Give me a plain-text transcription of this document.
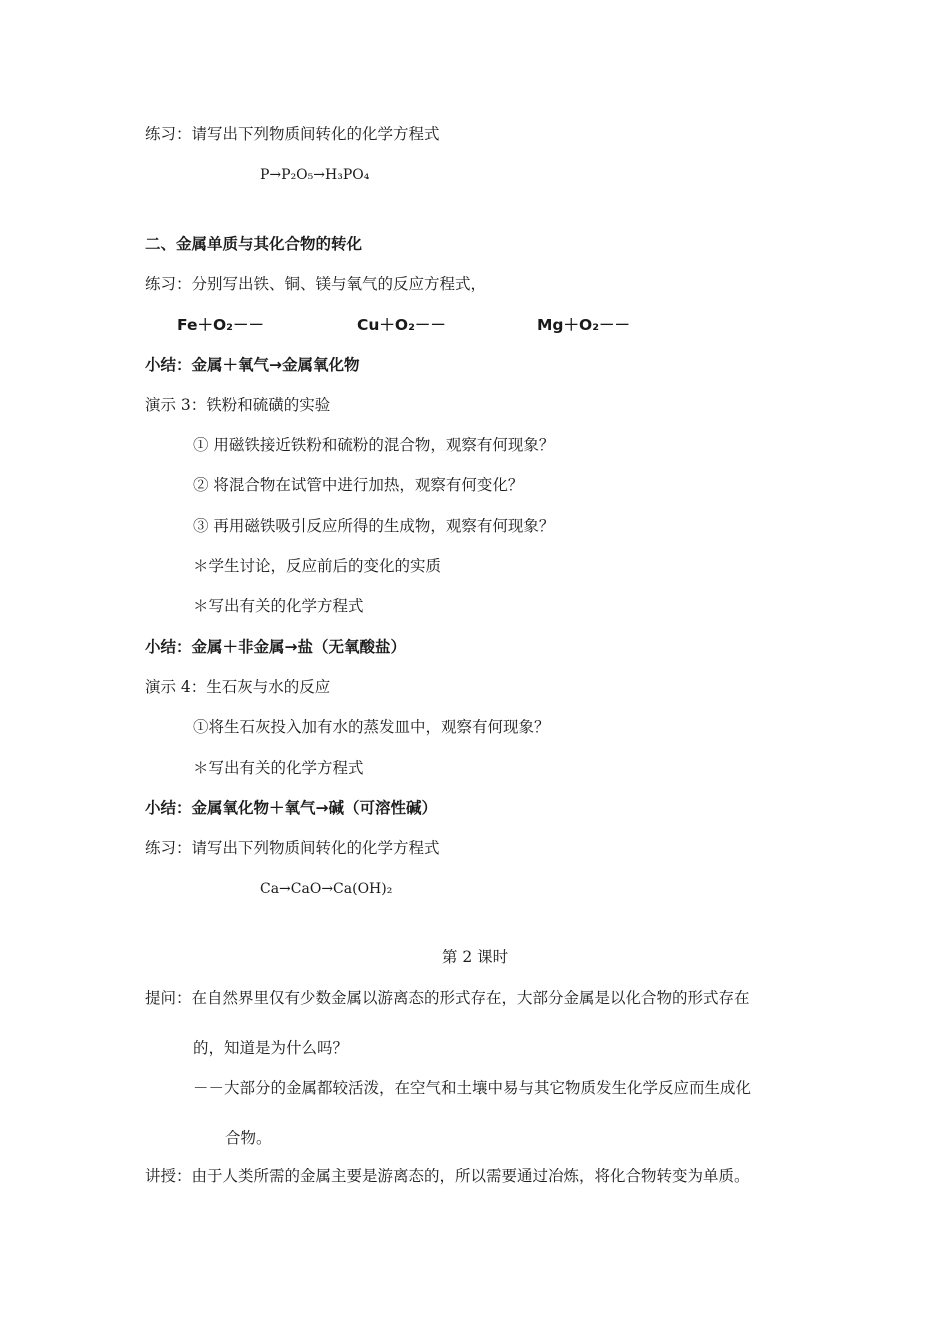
练习：请写出下列物质间转化的化学方程式
P→P₂O₅→H₃PO₄
二、金属单质与其化合物的转化
练习：分别写出铁、铜、镁与氧气的反应方程式，
Fe＋O₂－－	Cu＋O₂－－	Mg＋O₂－－
小结：金属＋氧气→金属氧化物
演示 3：铁粉和硫磺的实验
① 用磁铁接近铁粉和硫粉的混合物，观察有何现象？
② 将混合物在试管中进行加热，观察有何变化？
③ 再用磁铁吸引反应所得的生成物，观察有何现象？
＊学生讨论，反应前后的变化的实质
＊写出有关的化学方程式
小结：金属＋非金属→盐（无氧酸盐）
演示 4：生石灰与水的反应
①将生石灰投入加有水的蒸发皿中，观察有何现象？
＊写出有关的化学方程式
小结：金属氧化物＋氧气→碱（可溶性碱）
练习：请写出下列物质间转化的化学方程式
Ca→CaO→Ca(OH)₂
第 2 课时
提问：在自然界里仅有少数金属以游离态的形式存在，大部分金属是以化合物的形式存在
的，知道是为什么吗？
－－大部分的金属都较活泼，在空气和土壤中易与其它物质发生化学反应而生成化
合物。
讲授：由于人类所需的金属主要是游离态的，所以需要通过冶炼，将化合物转变为单质。
